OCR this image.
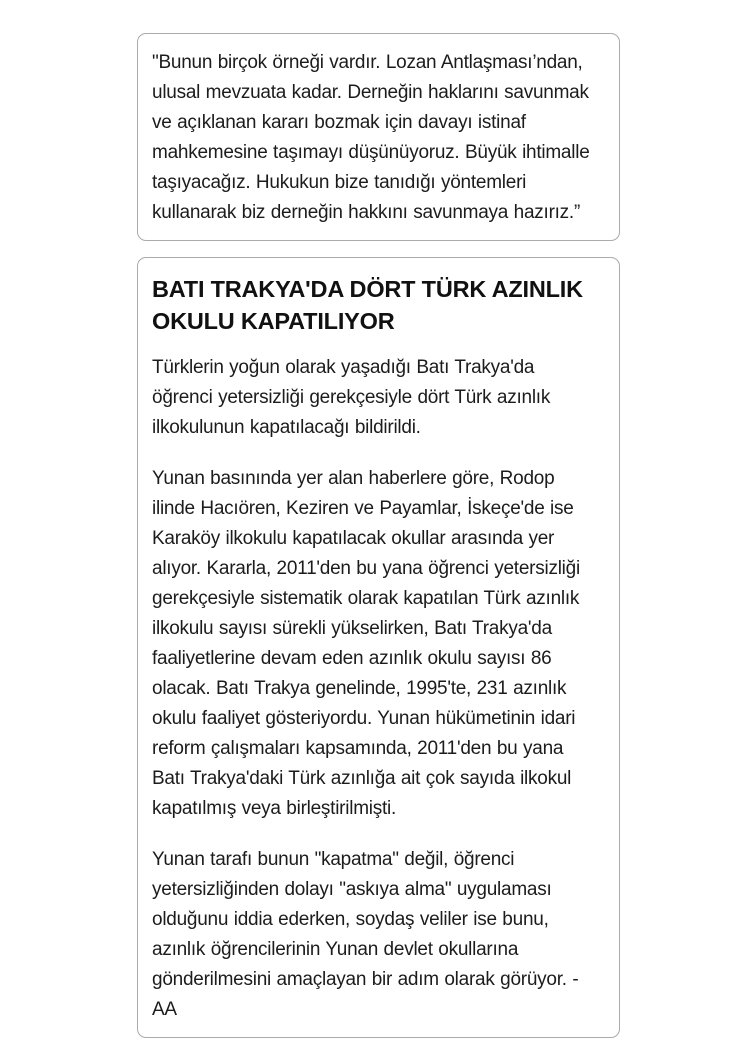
"Bunun birçok örneği vardır. Lozan Antlaşması’ndan, ulusal mevzuata kadar. Derneğin haklarını savunmak ve açıklanan kararı bozmak için davayı istinaf mahkemesine taşımayı düşünüyoruz. Büyük ihtimalle taşıyacağız. Hukukun bize tanıdığı yöntemleri kullanarak biz derneğin hakkını savunmaya hazırız.”

BATI TRAKYA'DA DÖRT TÜRK AZINLIK OKULU KAPATILIYOR

Türklerin yoğun olarak yaşadığı Batı Trakya'da öğrenci yetersizliği gerekçesiyle dört Türk azınlık ilkokulunun kapatılacağı bildirildi.

Yunan basınında yer alan haberlere göre, Rodop ilinde Hacıören, Keziren ve Payamlar, İskeçe'de ise Karaköy ilkokulu kapatılacak okullar arasında yer alıyor. Kararla, 2011'den bu yana öğrenci yetersizliği gerekçesiyle sistematik olarak kapatılan Türk azınlık ilkokulu sayısı sürekli yükselirken, Batı Trakya'da faaliyetlerine devam eden azınlık okulu sayısı 86 olacak. Batı Trakya genelinde, 1995'te, 231 azınlık okulu faaliyet gösteriyordu. Yunan hükümetinin idari reform çalışmaları kapsamında, 2011'den bu yana Batı Trakya'daki Türk azınlığa ait çok sayıda ilkokul kapatılmış veya birleştirilmişti.

Yunan tarafı bunun "kapatma" değil, öğrenci yetersizliğinden dolayı "askıya alma" uygulaması olduğunu iddia ederken, soydaş veliler ise bunu, azınlık öğrencilerinin Yunan devlet okullarına gönderilmesini amaçlayan bir adım olarak görüyor. - AA
